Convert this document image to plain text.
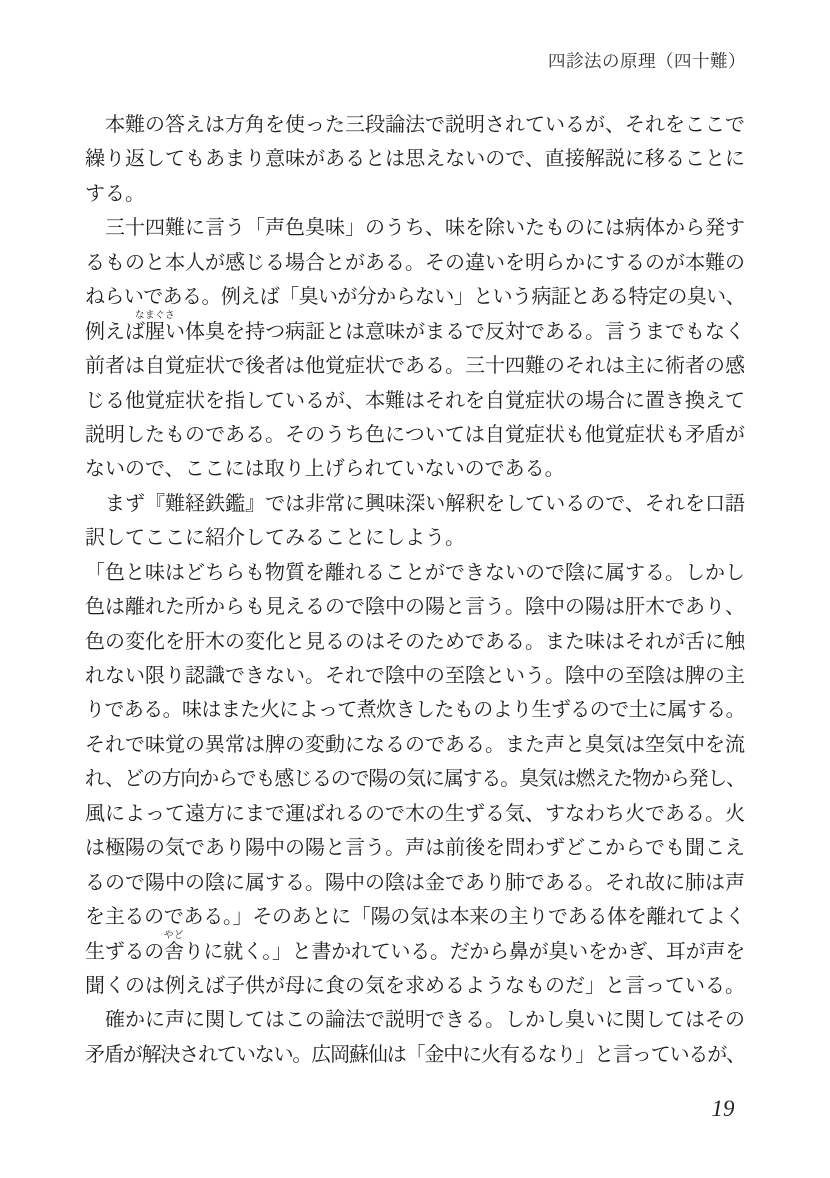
四診法の原理（四十難）
　本難の答えは方角を使った三段論法で説明されているが、それをここで
繰り返してもあまり意味があるとは思えないので、直接解説に移ることに
する。
　三十四難に言う「声色臭味」のうち、味を除いたものには病体から発す
るものと本人が感じる場合とがある。その違いを明らかにするのが本難の
ねらいである。例えば「臭いが分からない」という病証とある特定の臭い、
例えば腥
なまぐさ
い体臭を持つ病証とは意味がまるで反対である。言うまでもなく
前者は自覚症状で後者は他覚症状である。三十四難のそれは主に術者の感
じる他覚症状を指しているが、本難はそれを自覚症状の場合に置き換えて
説明したものである。そのうち色については自覚症状も他覚症状も矛盾が
ないので、ここには取り上げられていないのである。
　まず『難経鉄鑑』では非常に興味深い解釈をしているので、それを口語
訳してここに紹介してみることにしよう。
「色と味はどちらも物質を離れることができないので陰に属する。しかし
色は離れた所からも見えるので陰中の陽と言う。陰中の陽は肝木であり、
色の変化を肝木の変化と見るのはそのためである。また味はそれが舌に触
れない限り認識できない。それで陰中の至陰という。陰中の至陰は脾の主
りである。味はまた火によって煮炊きしたものより生ずるので土に属する。
それで味覚の異常は脾の変動になるのである。また声と臭気は空気中を流
れ、どの方向からでも感じるので陽の気に属する。臭気は燃えた物から発し、
風によって遠方にまで運ばれるので木の生ずる気、すなわち火である。火
は極陽の気であり陽中の陽と言う。声は前後を問わずどこからでも聞こえ
るので陽中の陰に属する。陽中の陰は金であり肺である。それ故に肺は声
を主るのである。」そのあとに「陽の気は本来の主りである体を離れてよく
生ずるの舎
やど
りに就く。」と書かれている。だから鼻が臭いをかぎ、耳が声を
聞くのは例えば子供が母に食の気を求めるようなものだ」と言っている。
　確かに声に関してはこの論法で説明できる。しかし臭いに関してはその
矛盾が解決されていない。広岡蘇仙は「金中に火有るなり」と言っているが、
19
